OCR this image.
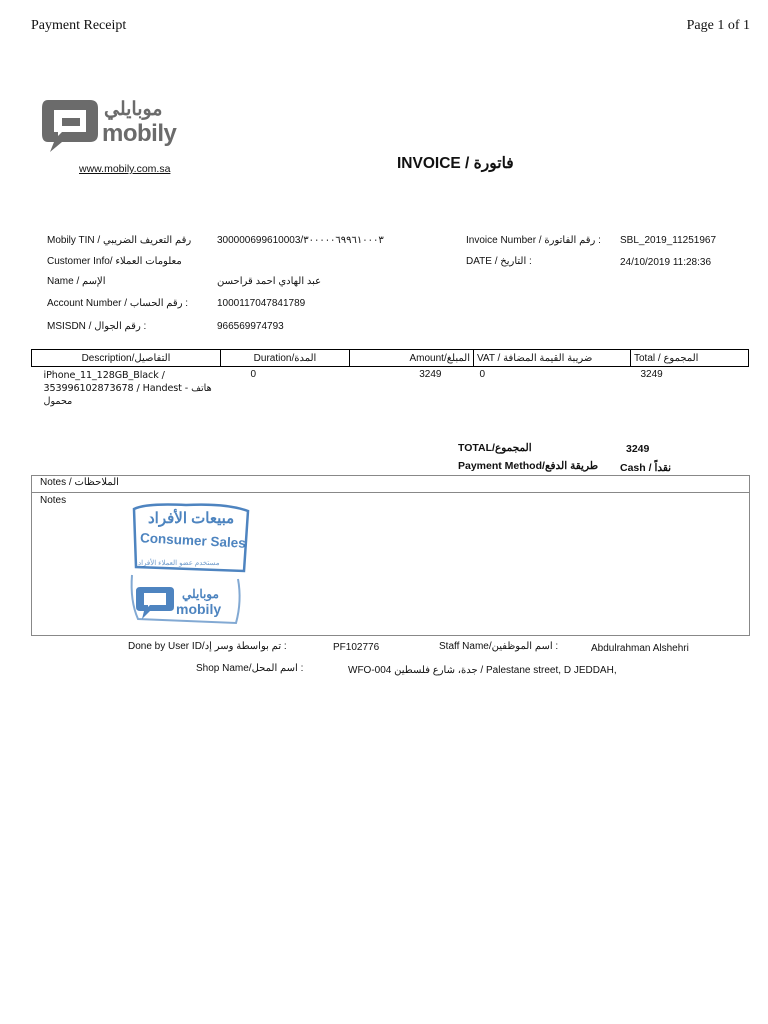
Payment Receipt	Page 1 of 1
موبايلي
mobily
www.mobily.com.sa	INVOICE / فاتورة
Mobily TIN / رقم التعريف الضريبي	300000699610003/٣٠٠٠٠٠٦٩٩٦١٠٠٠٣
Customer Info/ معلومات العملاء
Name / الإسم	عبد الهادي احمد قراحسن
Account Number / رقم الحساب :	1000117047841789
MSISDN / رقم الجوال :	966569974793
Invoice Number / رقم الفاتورة : SBL_2019_11251967
DATE / التاريخ :	24/10/2019 11:28:36
Description/التفاصيل	Duration/المدة	Amount/المبلغ	VAT / ضريبة القيمة المضافة	Total / المجموع
iPhone_11_128GB_Black / 353996102873678 / Handest - هاتف محمول	0	3249	0	3249
TOTAL/المجموع	3249
Payment Method/طريقة الدفع Cash / نقداً
Notes / الملاحظات
Notes
مبيعات الأفراد
Consumer Sales
مستخدم عضو العملاء الأفراد
موبايلي
mobily
Done by User ID/تم بواسطة وسر إد :	PF102776	Staff Name/اسم الموظفين :	Abdulrahman Alshehri
Shop Name/اسم المحل :	WFO-004 جدة، شارع فلسطين / Palestane street, D JEDDAH,
